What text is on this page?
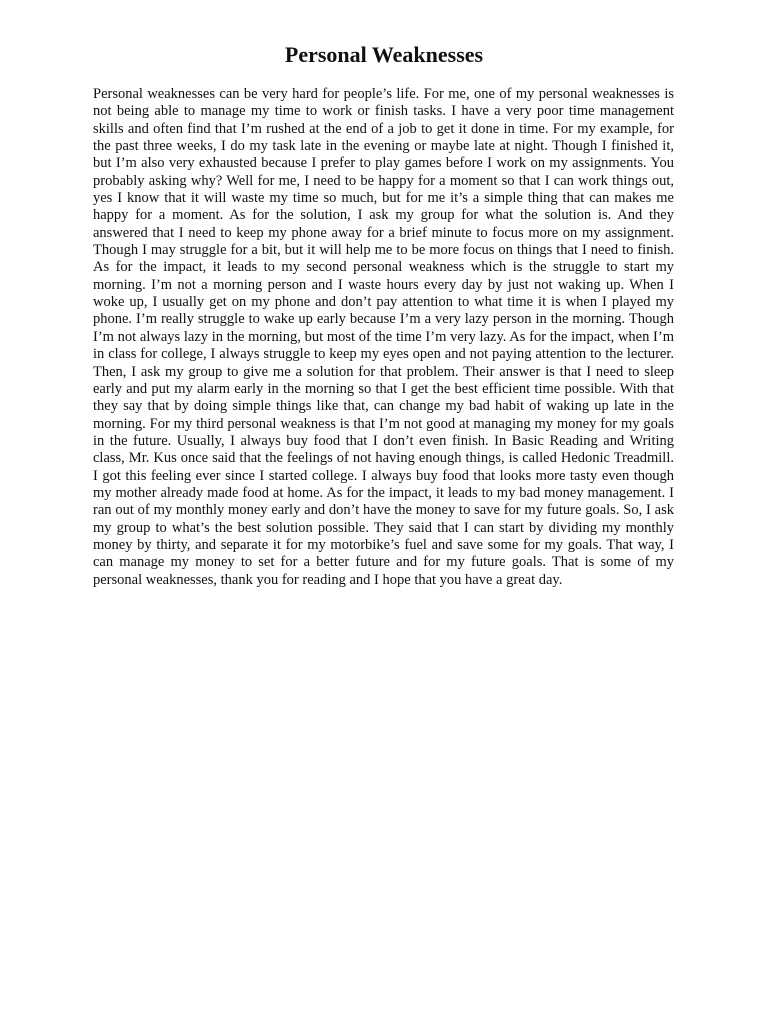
Personal Weaknesses

Personal weaknesses can be very hard for people’s life. For me, one of my personal weaknesses is not being able to manage my time to work or finish tasks. I have a very poor time management skills and often find that I’m rushed at the end of a job to get it done in time. For my example, for the past three weeks, I do my task late in the evening or maybe late at night. Though I finished it, but I’m also very exhausted because I prefer to play games before I work on my assignments. You probably asking why? Well for me, I need to be happy for a moment so that I can work things out, yes I know that it will waste my time so much, but for me it’s a simple thing that can makes me happy for a moment. As for the solution, I ask my group for what the solution is. And they answered that I need to keep my phone away for a brief minute to focus more on my assignment. Though I may struggle for a bit, but it will help me to be more focus on things that I need to finish. As for the impact, it leads to my second personal weakness which is the struggle to start my morning. I’m not a morning person and I waste hours every day by just not waking up. When I woke up, I usually get on my phone and don’t pay attention to what time it is when I played my phone. I’m really struggle to wake up early because I’m a very lazy person in the morning. Though I’m not always lazy in the morning, but most of the time I’m very lazy. As for the impact, when I’m in class for college, I always struggle to keep my eyes open and not paying attention to the lecturer. Then, I ask my group to give me a solution for that problem. Their answer is that I need to sleep early and put my alarm early in the morning so that I get the best efficient time possible. With that they say that by doing simple things like that, can change my bad habit of waking up late in the morning. For my third personal weakness is that I’m not good at managing my money for my goals in the future. Usually, I always buy food that I don’t even finish. In Basic Reading and Writing class, Mr. Kus once said that the feelings of not having enough things, is called Hedonic Treadmill. I got this feeling ever since I started college. I always buy food that looks more tasty even though my mother already made food at home. As for the impact, it leads to my bad money management. I ran out of my monthly money early and don’t have the money to save for my future goals. So, I ask my group to what’s the best solution possible. They said that I can start by dividing my monthly money by thirty, and separate it for my motorbike’s fuel and save some for my goals. That way, I can manage my money to set for a better future and for my future goals. That is some of my personal weaknesses, thank you for reading and I hope that you have a great day.
